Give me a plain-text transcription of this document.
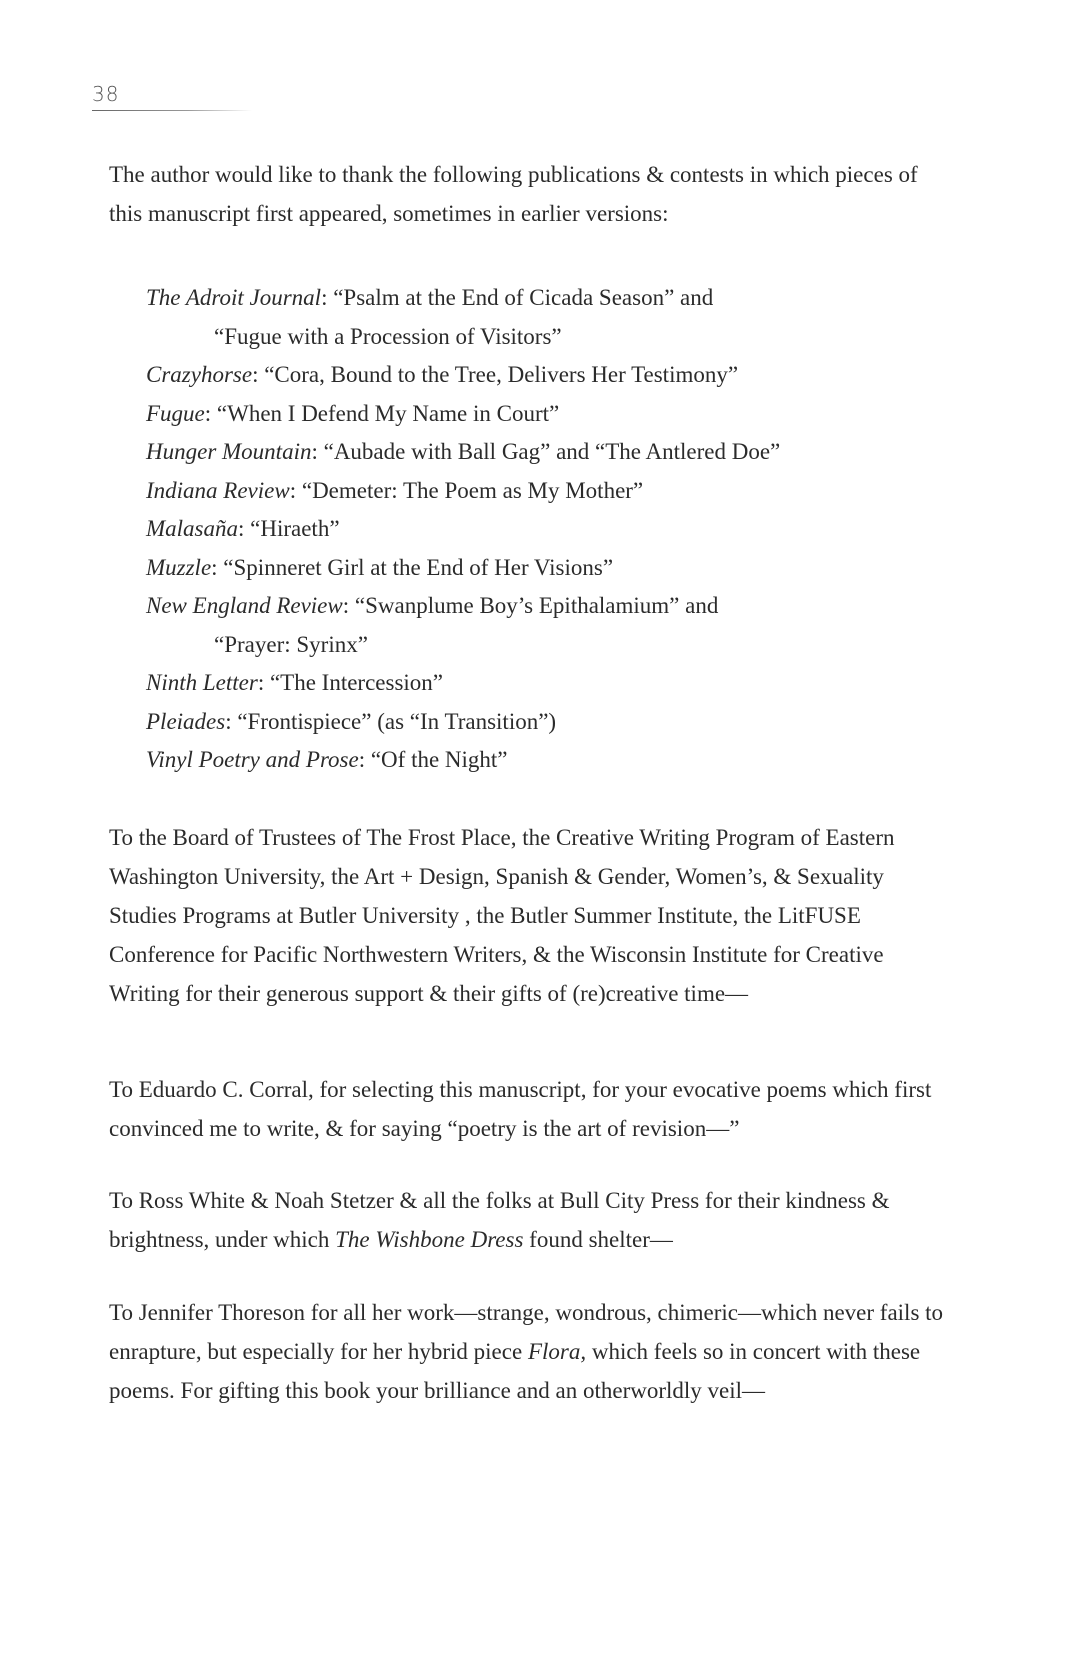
38

The author would like to thank the following publications & contests in which pieces of this manuscript first appeared, sometimes in earlier versions:

The Adroit Journal: “Psalm at the End of Cicada Season” and
“Fugue with a Procession of Visitors”
Crazyhorse: “Cora, Bound to the Tree, Delivers Her Testimony”
Fugue: “When I Defend My Name in Court”
Hunger Mountain: “Aubade with Ball Gag” and “The Antlered Doe”
Indiana Review: “Demeter: The Poem as My Mother”
Malasaña: “Hiraeth”
Muzzle: “Spinneret Girl at the End of Her Visions”
New England Review: “Swanplume Boy’s Epithalamium” and
“Prayer: Syrinx”
Ninth Letter: “The Intercession”
Pleiades: “Frontispiece” (as “In Transition”)
Vinyl Poetry and Prose: “Of the Night”

To the Board of Trustees of The Frost Place, the Creative Writing Program of Eastern Washington University, the Art + Design, Spanish & Gender, Women’s, & Sexuality Studies Programs at Butler University , the Butler Summer Institute, the LitFUSE Conference for Pacific Northwestern Writers, & the Wisconsin Institute for Creative Writing for their generous support & their gifts of (re)creative time—

To Eduardo C. Corral, for selecting this manuscript, for your evocative poems which first convinced me to write, & for saying “poetry is the art of revision—”

To Ross White & Noah Stetzer & all the folks at Bull City Press for their kindness & brightness, under which The Wishbone Dress found shelter—

To Jennifer Thoreson for all her work—strange, wondrous, chimeric—which never fails to enrapture, but especially for her hybrid piece Flora, which feels so in concert with these poems. For gifting this book your brilliance and an otherworldly veil—
